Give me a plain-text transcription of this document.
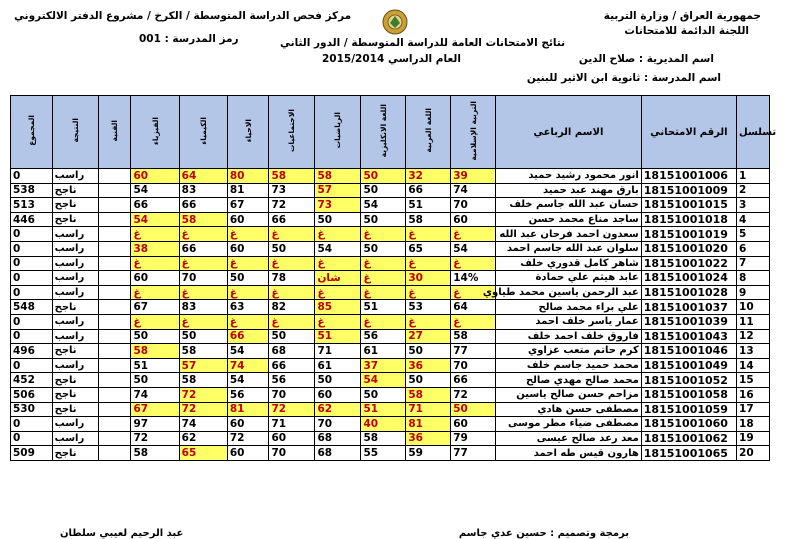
جمهورية العراق / وزارة التربية
اللجنة الدائمة للامتحانات
نتائج الامتحانات العامة للدراسة المتوسطة / الدور الثاني
العام الدراسي 2015/2014
مركز فحص الدراسة المتوسطة / الكرخ / مشروع الدفتر الالكتروني
رمز المدرسة : 001
اسم المديرية : صلاح الدين
اسم المدرسة : ثانوية ابن الاثير للبنين
المجموع	النتيجة	الفنية	الفيزياء	الكيمياء	الاحياء	الاجتماعيات	الرياضيات	اللغة الانكليزية	اللغة العربية	التربية الإسلامية	الاسم الرباعي	الرقم الامتحاني	تسلسل
0	راسب		60	64	80	58	58	50	32	39	انور محمود رشيد حميد	18151001006	1
538	ناجح		54	83	81	73	57	50	66	74	بارق مهند عبد حميد	18151001009	2
513	ناجح		66	66	67	72	73	54	51	70	حسان عبد الله جاسم خلف	18151001015	3
446	ناجح		54	58	60	66	50	50	58	60	ساجد مناع محمد حسن	18151001018	4
0	راسب		غ	غ	غ	غ	غ	غ	غ	غ	سعدون احمد فرحان عبد الله	18151001019	5
0	راسب		38	66	60	50	54	50	65	54	سلوان عبد الله جاسم احمد	18151001020	6
0	راسب		غ	غ	غ	غ	غ	غ	غ	غ	شاهر كامل قدوري خلف	18151001022	7
0	راسب		60	70	50	78	شان	غ	30	14%	عابد هيثم علي حمادة	18151001024	8
0	راسب		غ	غ	غ	غ	غ	غ	غ	غ	عبد الرحمن ياسين محمد طياوي	18151001028	9
548	ناجح		67	83	63	82	85	51	53	64	علي براء محمد صالح	18151001037	10
0	راسب		غ	غ	غ	غ	غ	غ	غ	غ	عمار ياسر خلف احمد	18151001039	11
0	راسب		50	50	66	50	51	56	27	58	فاروق خلف احمد خلف	18151001043	12
496	ناجح		58	58	54	68	71	61	50	77	كرم حاتم متعب عزاوي	18151001046	13
0	راسب		51	57	74	66	61	37	36	70	محمد حميد جاسم خلف	18151001049	14
452	ناجح		50	58	54	56	50	54	50	66	محمد صالح مهدي صالح	18151001052	15
506	ناجح		74	72	56	70	60	50	58	72	مزاحم حسن صالح ياسين	18151001058	16
530	ناجح		67	72	81	72	62	51	71	50	مصطفى حسن هادي	18151001059	17
0	راسب		97	74	60	71	70	40	81	60	مصطفى ضياء مطر موسى	18151001060	18
0	راسب		72	62	72	60	68	58	36	79	معد رعد صالح عيسى	18151001062	19
509	ناجح		58	65	60	70	68	55	59	77	هارون قيس طه احمد	18151001065	20
عبد الرحيم لعيبي سلطان	برمجة وتصميم : حسين عدي جاسم
